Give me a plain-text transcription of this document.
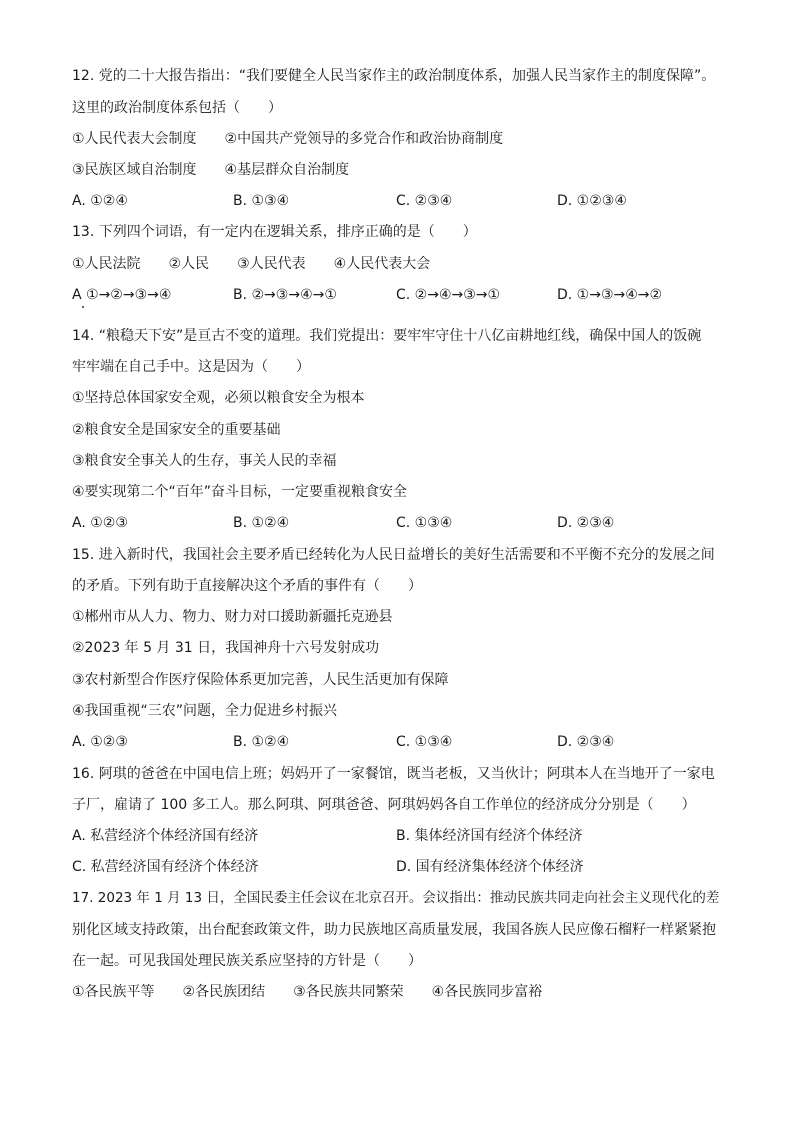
12. 党的二十大报告指出：“我们要健全人民当家作主的政治制度体系，加强人民当家作主的制度保障”。
这里的政治制度体系包括（　　）
①人民代表大会制度　　②中国共产党领导的多党合作和政治协商制度
③民族区域自治制度　　④基层群众自治制度
A. ①②④	B. ①③④	C. ②③④	D. ①②③④
13. 下列四个词语，有一定内在逻辑关系，排序正确的是（　　）
①人民法院　　②人民　　③人民代表　　④人民代表大会
A ①→②→③→④	B. ②→③→④→①	C. ②→④→③→①	D. ①→③→④→②
14. “粮稳天下安”是亘古不变的道理。我们党提出：要牢牢守住十八亿亩耕地红线，确保中国人的饭碗
牢牢端在自己手中。这是因为（　　）
①坚持总体国家安全观，必须以粮食安全为根本
②粮食安全是国家安全的重要基础
③粮食安全事关人的生存，事关人民的幸福
④要实现第二个“百年”奋斗目标，一定要重视粮食安全
A. ①②③	B. ①②④	C. ①③④	D. ②③④
15. 进入新时代，我国社会主要矛盾已经转化为人民日益增长的美好生活需要和不平衡不充分的发展之间
的矛盾。下列有助于直接解决这个矛盾的事件有（　　）
①郴州市从人力、物力、财力对口援助新疆托克逊县
②2023 年 5 月 31 日，我国神舟十六号发射成功
③农村新型合作医疗保险体系更加完善，人民生活更加有保障
④我国重视“三农”问题，全力促进乡村振兴
A. ①②③	B. ①②④	C. ①③④	D. ②③④
16. 阿琪的爸爸在中国电信上班；妈妈开了一家餐馆，既当老板，又当伙计；阿琪本人在当地开了一家电
子厂，雇请了 100 多工人。那么阿琪、阿琪爸爸、阿琪妈妈各自工作单位的经济成分分别是（　　）
A. 私营经济个体经济国有经济	B. 集体经济国有经济个体经济
C. 私营经济国有经济个体经济	D. 国有经济集体经济个体经济
17. 2023 年 1 月 13 日，全国民委主任会议在北京召开。会议指出：推动民族共同走向社会主义现代化的差
别化区域支持政策，出台配套政策文件，助力民族地区高质量发展，我国各族人民应像石榴籽一样紧紧抱
在一起。可见我国处理民族关系应坚持的方针是（　　）
①各民族平等　　②各民族团结　　③各民族共同繁荣　　④各民族同步富裕
